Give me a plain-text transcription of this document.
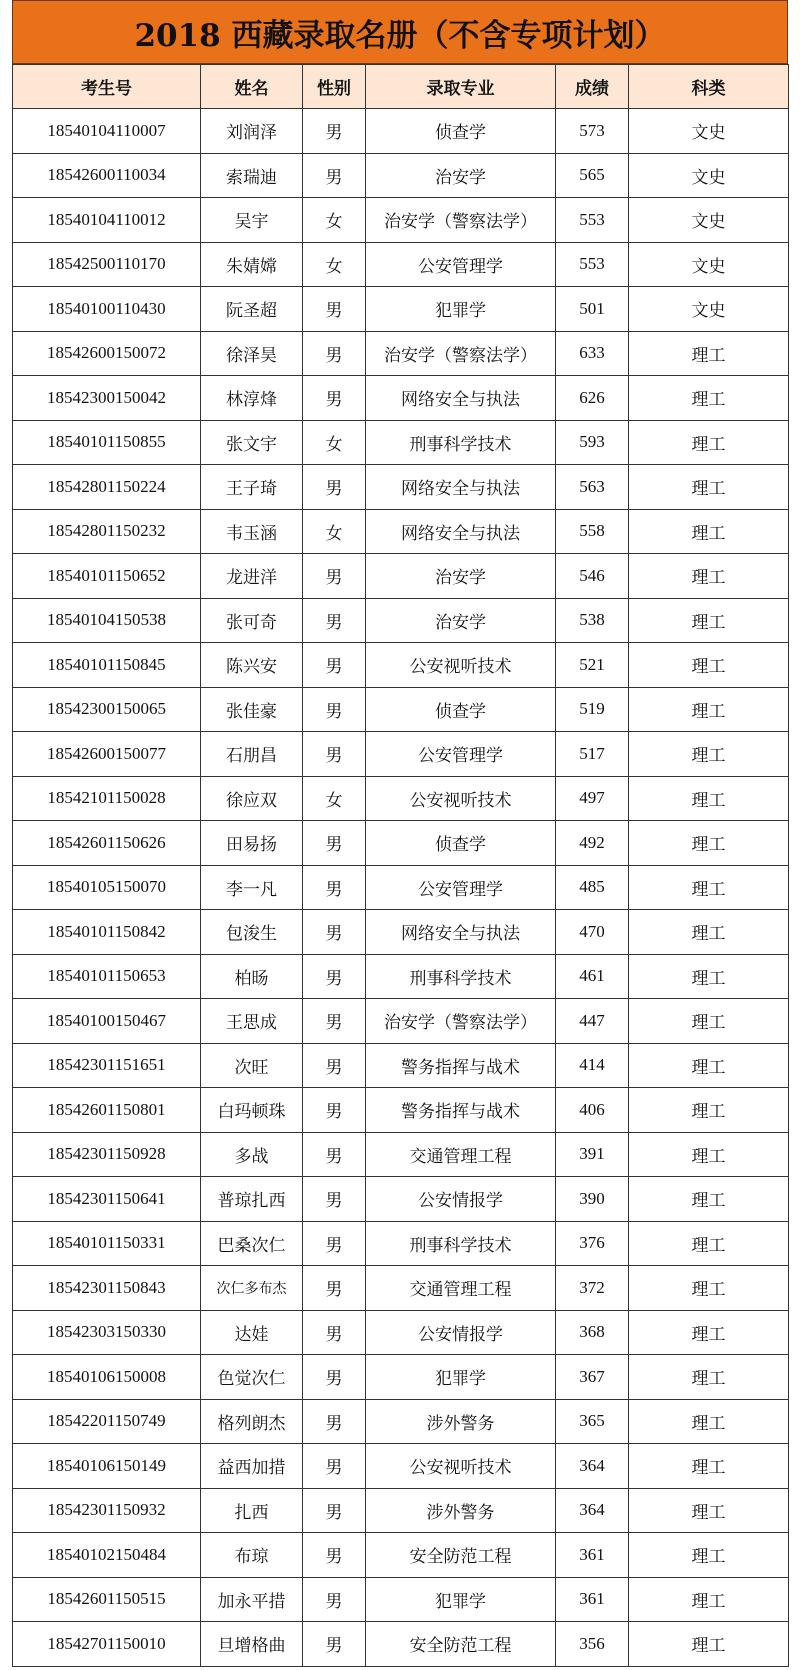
2018 西藏录取名册（不含专项计划）
考生号	姓名	性别	录取专业	成绩	科类
18540104110007	刘润泽	男	侦查学	573	文史
18542600110034	索瑞迪	男	治安学	565	文史
18540104110012	吴宇	女	治安学（警察法学）	553	文史
18542500110170	朱婧嫦	女	公安管理学	553	文史
18540100110430	阮圣超	男	犯罪学	501	文史
18542600150072	徐泽昊	男	治安学（警察法学）	633	理工
18542300150042	林淳烽	男	网络安全与执法	626	理工
18540101150855	张文宇	女	刑事科学技术	593	理工
18542801150224	王子琦	男	网络安全与执法	563	理工
18542801150232	韦玉涵	女	网络安全与执法	558	理工
18540101150652	龙进洋	男	治安学	546	理工
18540104150538	张可奇	男	治安学	538	理工
18540101150845	陈兴安	男	公安视听技术	521	理工
18542300150065	张佳豪	男	侦查学	519	理工
18542600150077	石朋昌	男	公安管理学	517	理工
18542101150028	徐应双	女	公安视听技术	497	理工
18542601150626	田易扬	男	侦查学	492	理工
18540105150070	李一凡	男	公安管理学	485	理工
18540101150842	包浚生	男	网络安全与执法	470	理工
18540101150653	柏旸	男	刑事科学技术	461	理工
18540100150467	王思成	男	治安学（警察法学）	447	理工
18542301151651	次旺	男	警务指挥与战术	414	理工
18542601150801	白玛顿珠	男	警务指挥与战术	406	理工
18542301150928	多战	男	交通管理工程	391	理工
18542301150641	普琼扎西	男	公安情报学	390	理工
18540101150331	巴桑次仁	男	刑事科学技术	376	理工
18542301150843	次仁多布杰	男	交通管理工程	372	理工
18542303150330	达娃	男	公安情报学	368	理工
18540106150008	色觉次仁	男	犯罪学	367	理工
18542201150749	格列朗杰	男	涉外警务	365	理工
18540106150149	益西加措	男	公安视听技术	364	理工
18542301150932	扎西	男	涉外警务	364	理工
18540102150484	布琼	男	安全防范工程	361	理工
18542601150515	加永平措	男	犯罪学	361	理工
18542701150010	旦增格曲	男	安全防范工程	356	理工
